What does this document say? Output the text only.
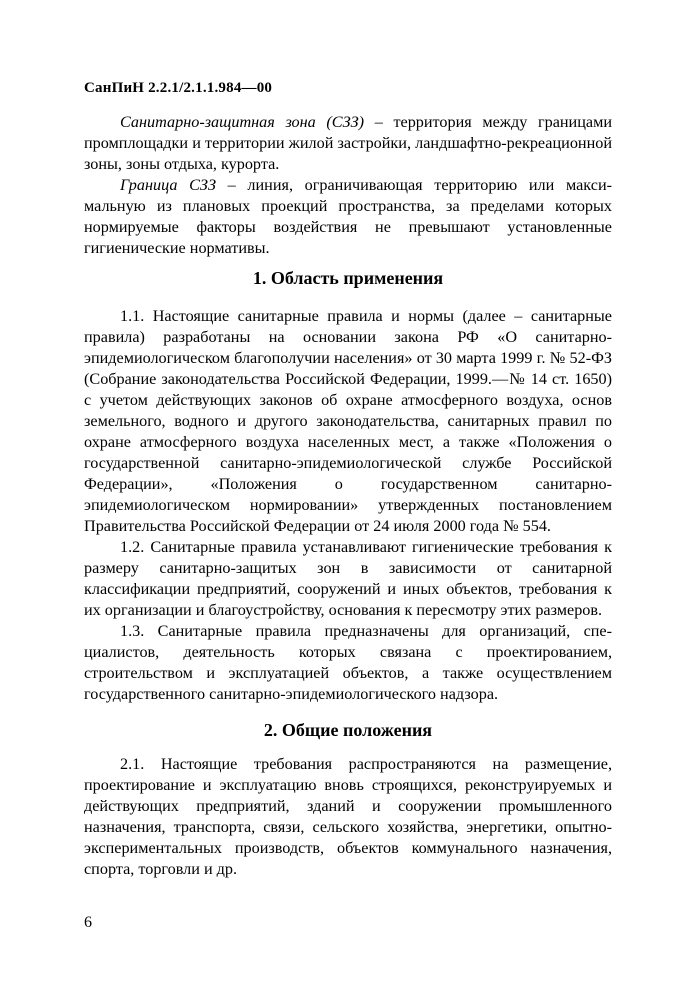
СанПиН 2.2.1/2.1.1.984—00

Санитарно-защитная зона (СЗЗ) – территория между границами промплощадки и территории жилой застройки, ландшафтно-рекреационной зоны, зоны отдыха, курорта.

Граница СЗЗ – линия, ограничивающая территорию или максимальную из плановых проекций пространства, за пределами которых нормируемые факторы воздействия не превышают установленные гигиенические нормативы.

1. Область применения

1.1. Настоящие санитарные правила и нормы (далее – санитарные правила) разработаны на основании закона РФ «О санитарно-эпидемиологическом благополучии населения» от 30 марта 1999 г. № 52-ФЗ (Собрание законодательства Российской Федерации, 1999.—№ 14 ст. 1650) с учетом действующих законов об охране атмосферного воздуха, основ земельного, водного и другого законодательства, санитарных правил по охране атмосферного воздуха населенных мест, а также «Положения о государственной санитарно-эпидемиологической службе Российской Федерации», «Положения о государственном санитарно-эпидемиологическом нормировании» утвержденных постановлением Правительства Российской Федерации от 24 июля 2000 года № 554.

1.2. Санитарные правила устанавливают гигиенические требования к размеру санитарно-защитых зон в зависимости от санитарной классификации предприятий, сооружений и иных объектов, требования к их организации и благоустройству, основания к пересмотру этих размеров.

1.3. Санитарные правила предназначены для организаций, специалистов, деятельность которых связана с проектированием, строительством и эксплуатацией объектов, а также осуществлением государственного санитарно-эпидемиологического надзора.

2. Общие положения

2.1. Настоящие требования распространяются на размещение, проектирование и эксплуатацию вновь строящихся, реконструируемых и действующих предприятий, зданий и сооружении промышленного назначения, транспорта, связи, сельского хозяйства, энергетики, опытно-экспериментальных производств, объектов коммунального назначения, спорта, торговли и др.

6
